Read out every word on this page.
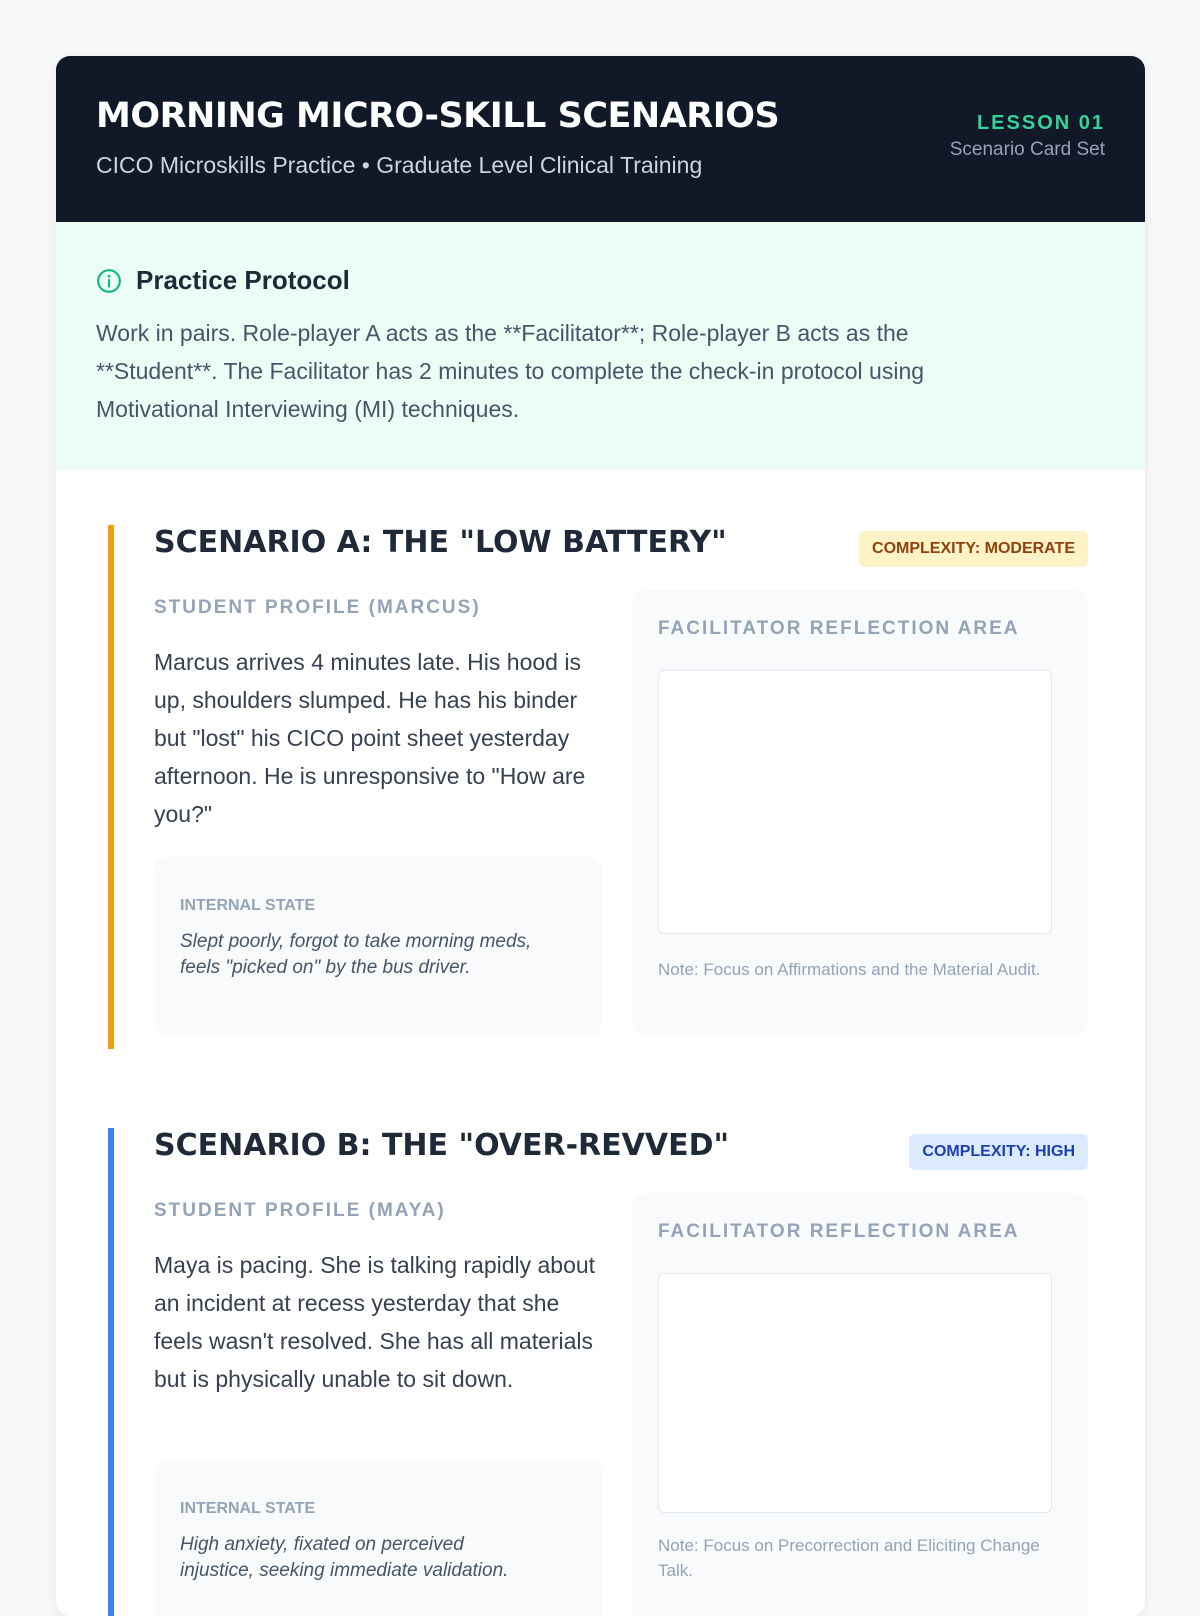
MORNING MICRO-SKILL SCENARIOS
CICO Microskills Practice • Graduate Level Clinical Training
LESSON 01
Scenario Card Set
Practice Protocol
Work in pairs. Role-player A acts as the **Facilitator**; Role-player B acts as the **Student**. The Facilitator has 2 minutes to complete the check-in protocol using Motivational Interviewing (MI) techniques.
SCENARIO A: THE "LOW BATTERY"	COMPLEXITY: MODERATE
STUDENT PROFILE (MARCUS)
Marcus arrives 4 minutes late. His hood is up, shoulders slumped. He has his binder but "lost" his CICO point sheet yesterday afternoon. He is unresponsive to "How are you?"
INTERNAL STATE
Slept poorly, forgot to take morning meds, feels "picked on" by the bus driver.
FACILITATOR REFLECTION AREA
Note: Focus on Affirmations and the Material Audit.
SCENARIO B: THE "OVER-REVVED"	COMPLEXITY: HIGH
STUDENT PROFILE (MAYA)
Maya is pacing. She is talking rapidly about an incident at recess yesterday that she feels wasn't resolved. She has all materials but is physically unable to sit down.
INTERNAL STATE
High anxiety, fixated on perceived injustice, seeking immediate validation.
FACILITATOR REFLECTION AREA
Note: Focus on Precorrection and Eliciting Change Talk.
